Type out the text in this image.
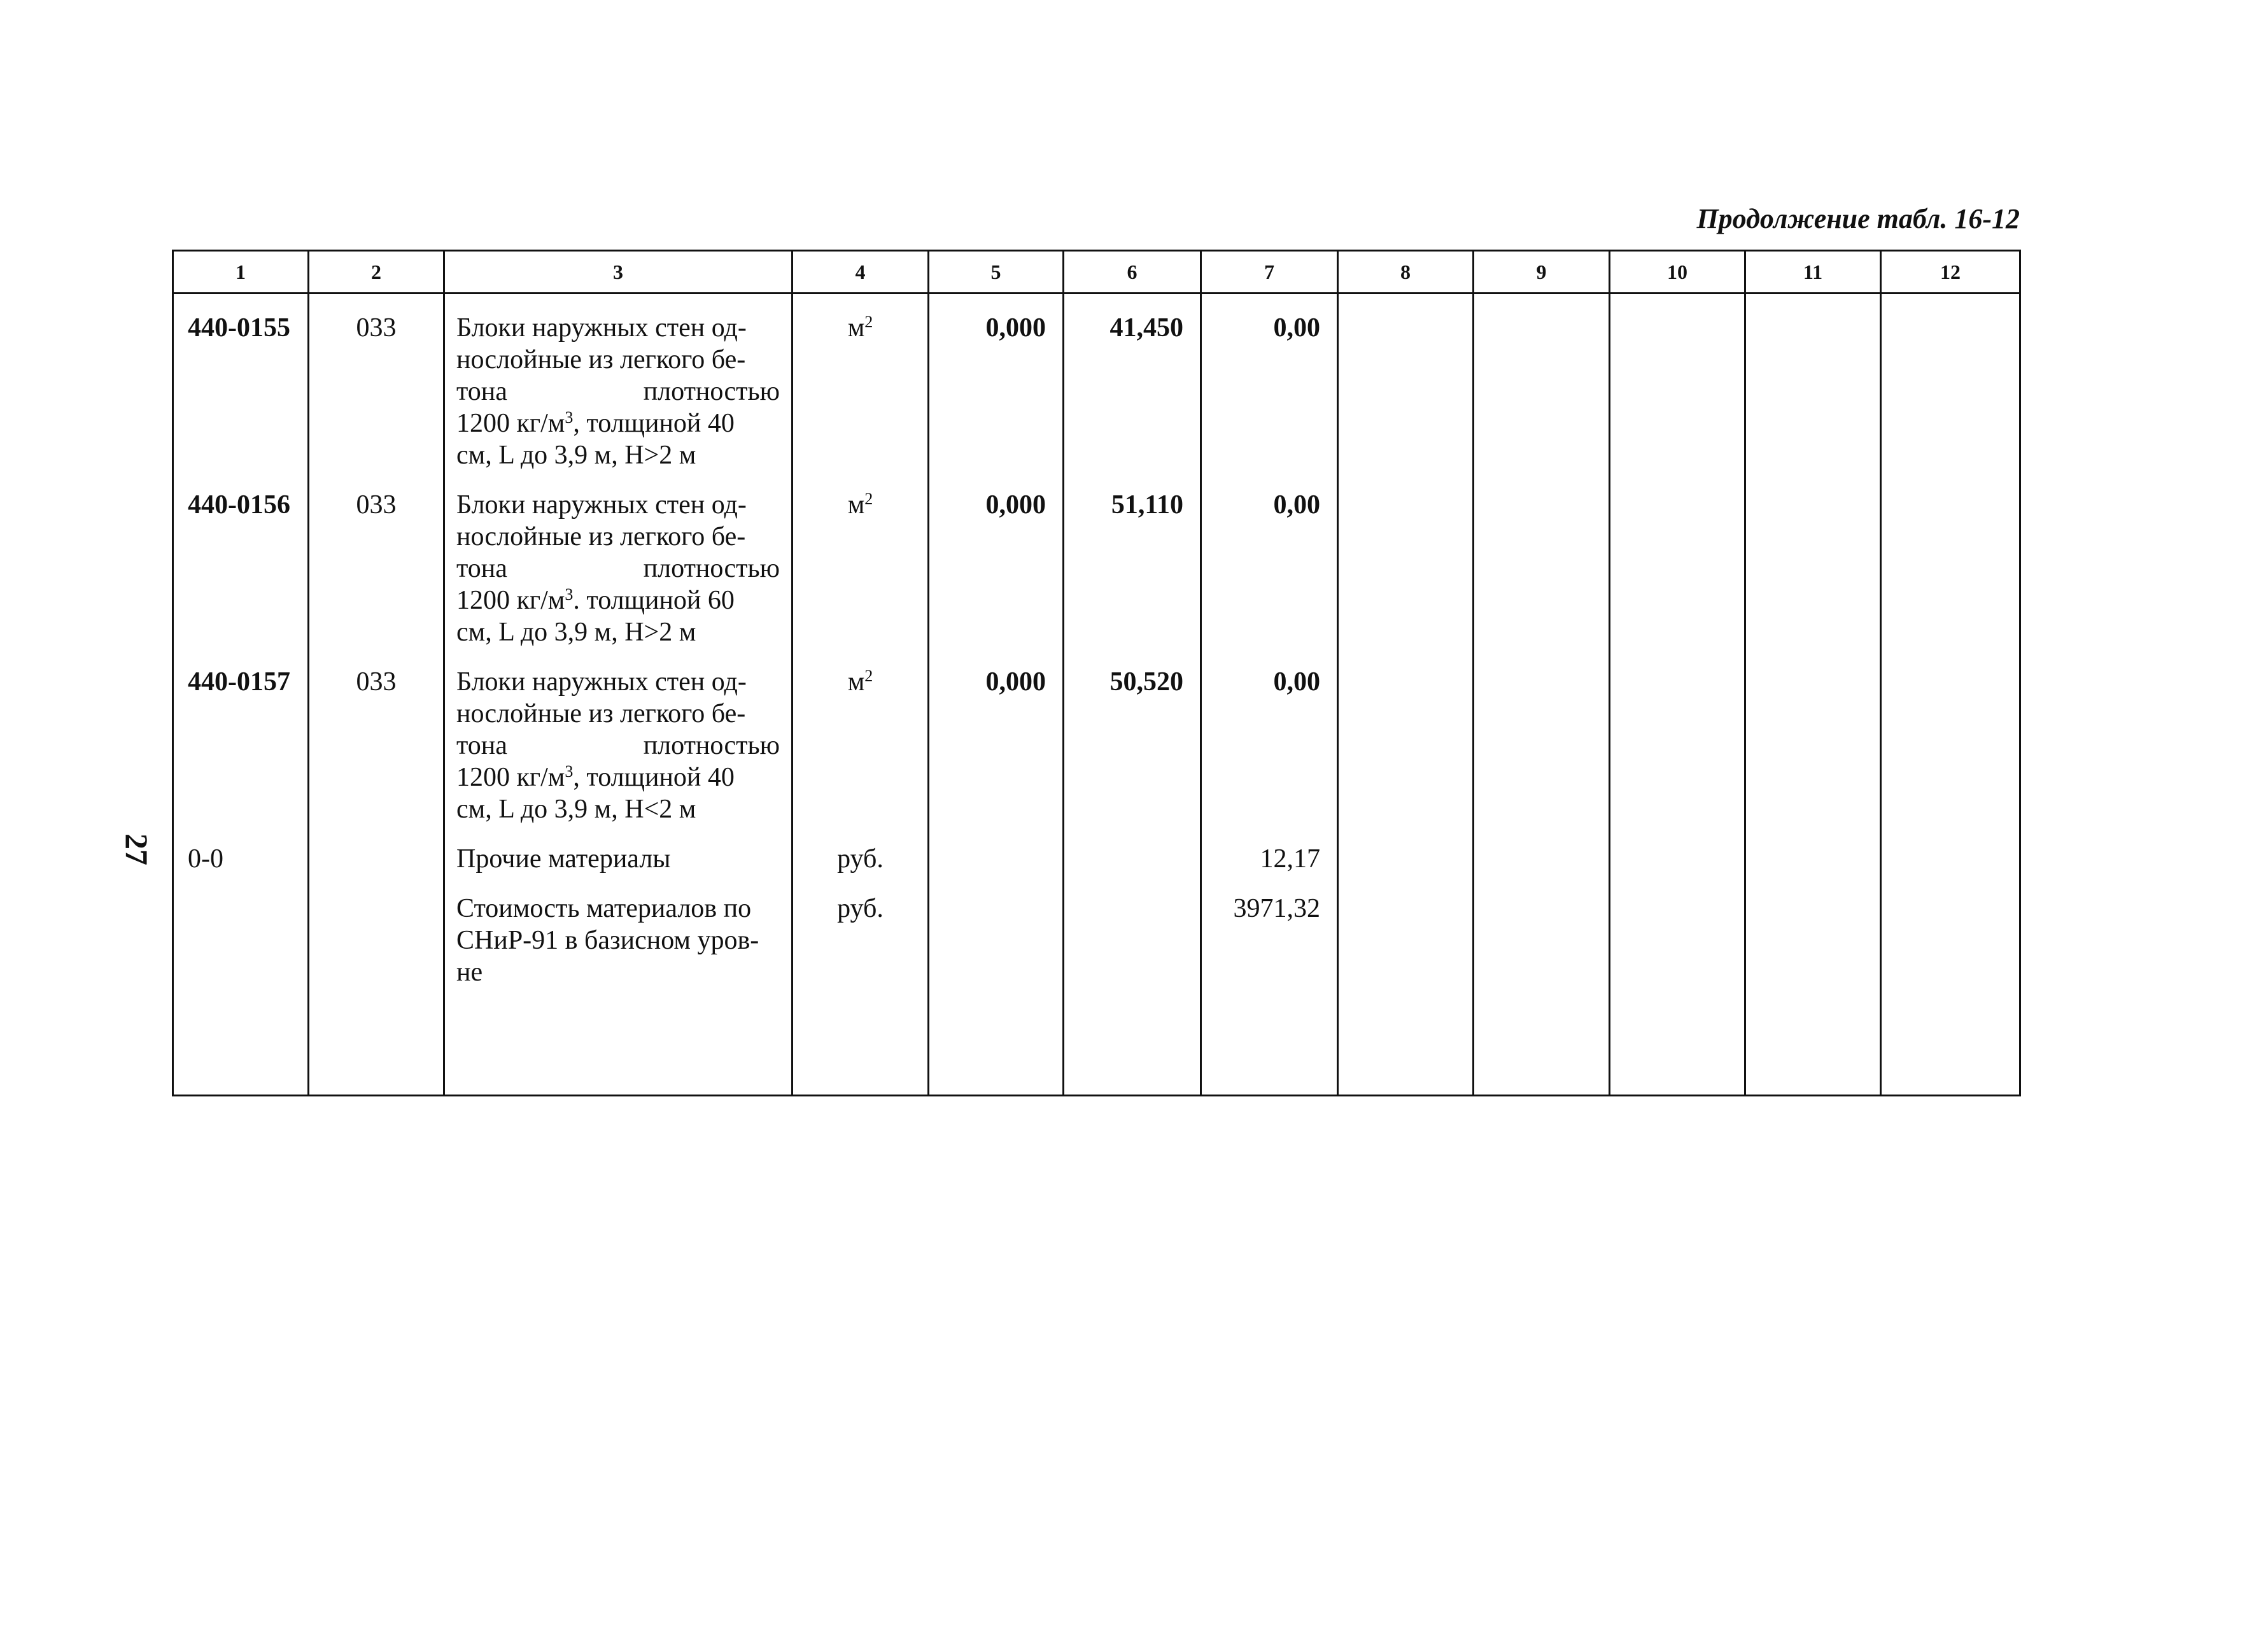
Продолжение табл. 16-12
27
1	2	3	4	5	6	7	8	9	10	11	12
440-0155	033	Блоки наружных стен од-
нослойные из легкого бе-
тона плотностью
1200 $кг/м^3$, толщиной 40
см, L до 3,9 м, H>2 м	$м^2$	0,000	41,450	0,00					
440-0156	033	Блоки наружных стен од-
нослойные из легкого бе-
тона плотностью
1200 $кг/м^3$. толщиной 60
см, L до 3,9 м, H>2 м	$м^2$	0,000	51,110	0,00					
440-0157	033	Блоки наружных стен од-
нослойные из легкого бе-
тона плотностью
1200 $кг/м^3$, толщиной 40
см, L до 3,9 м, H<2 м	$м^2$	0,000	50,520	0,00					
0-0		Прочие материалы	руб.			12,17					

		Стоимость материалов по
СНиР-91 в базисном уров-
не	руб.			3971,32					
